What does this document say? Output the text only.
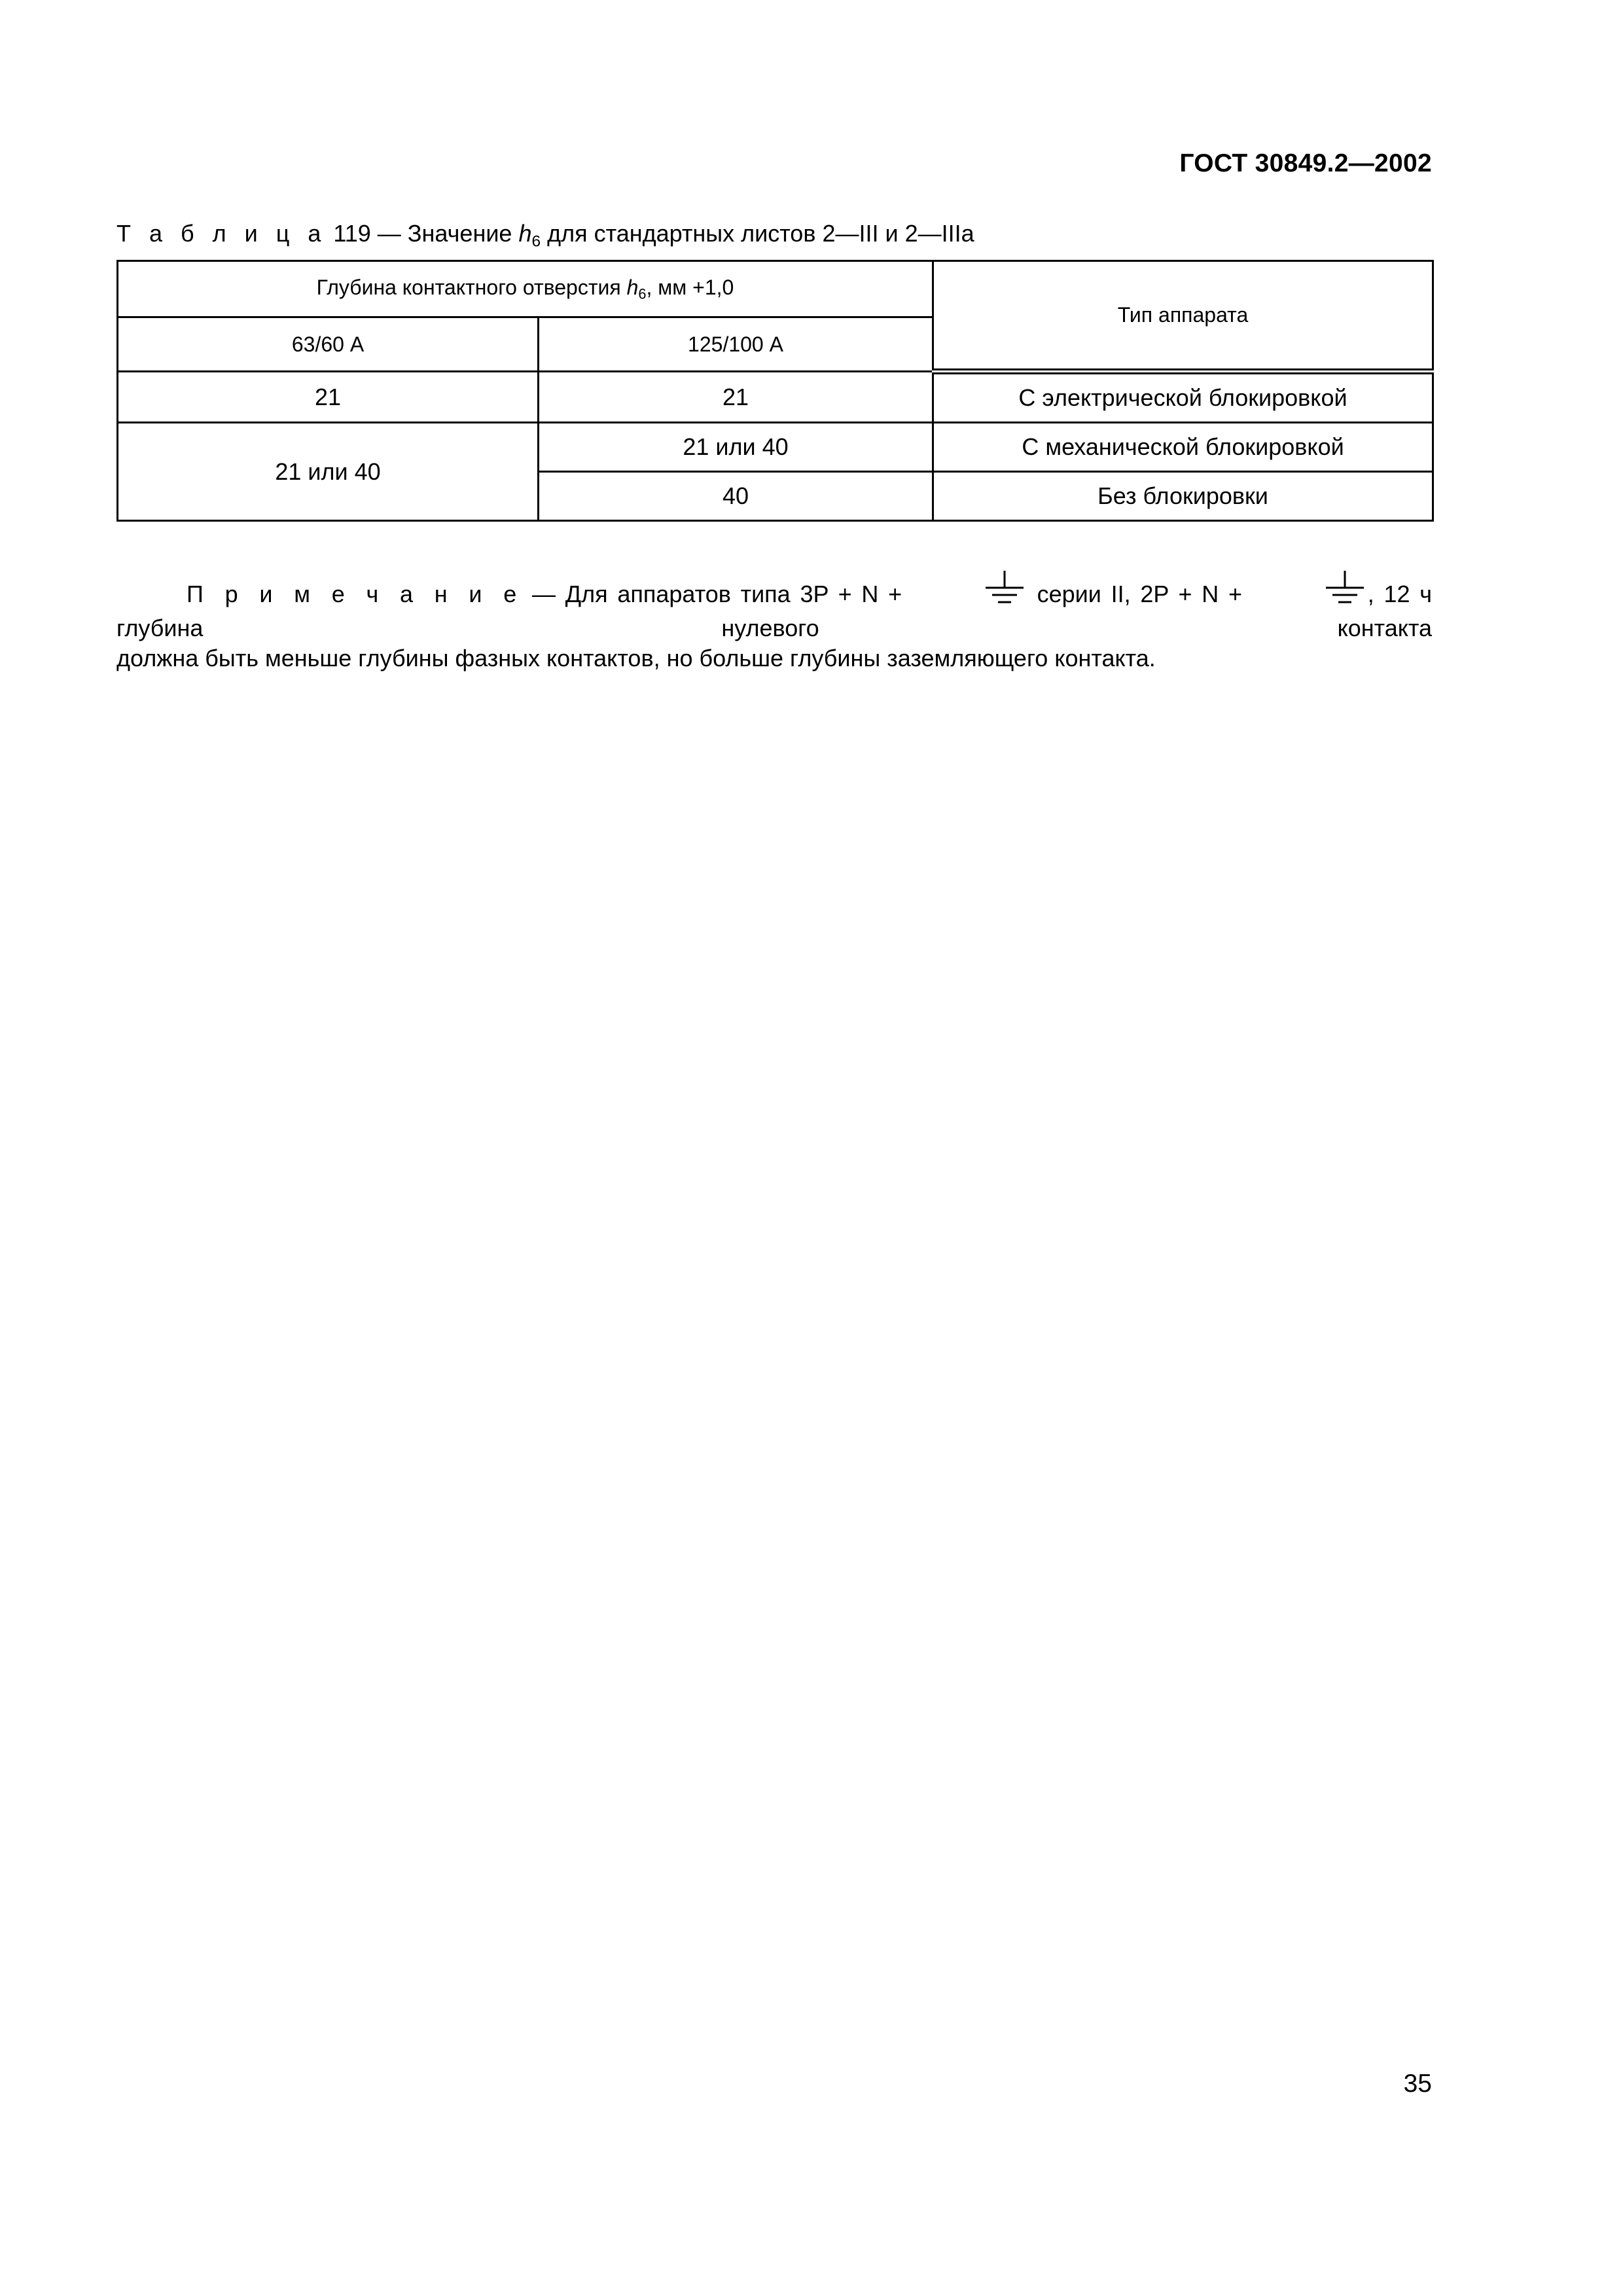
ГОСТ 30849.2—2002
Т а б л и ц а 119 — Значение $h_6$ для стандартных листов 2—III и 2—IIIa
Глубина контактного отверстия $h_6$, мм +1,0		Тип аппарата
63/60 А	125/100 А	
21	21	С электрической блокировкой
21 или 40	21 или 40	С механической блокировкой
	40	Без блокировки
П р и м е ч а н и е — Для аппаратов типа 3P + N +	серии II, 2P + N +	, 12 ч глубина нулевого контакта
должна быть меньше глубины фазных контактов, но больше глубины заземляющего контакта.
35
